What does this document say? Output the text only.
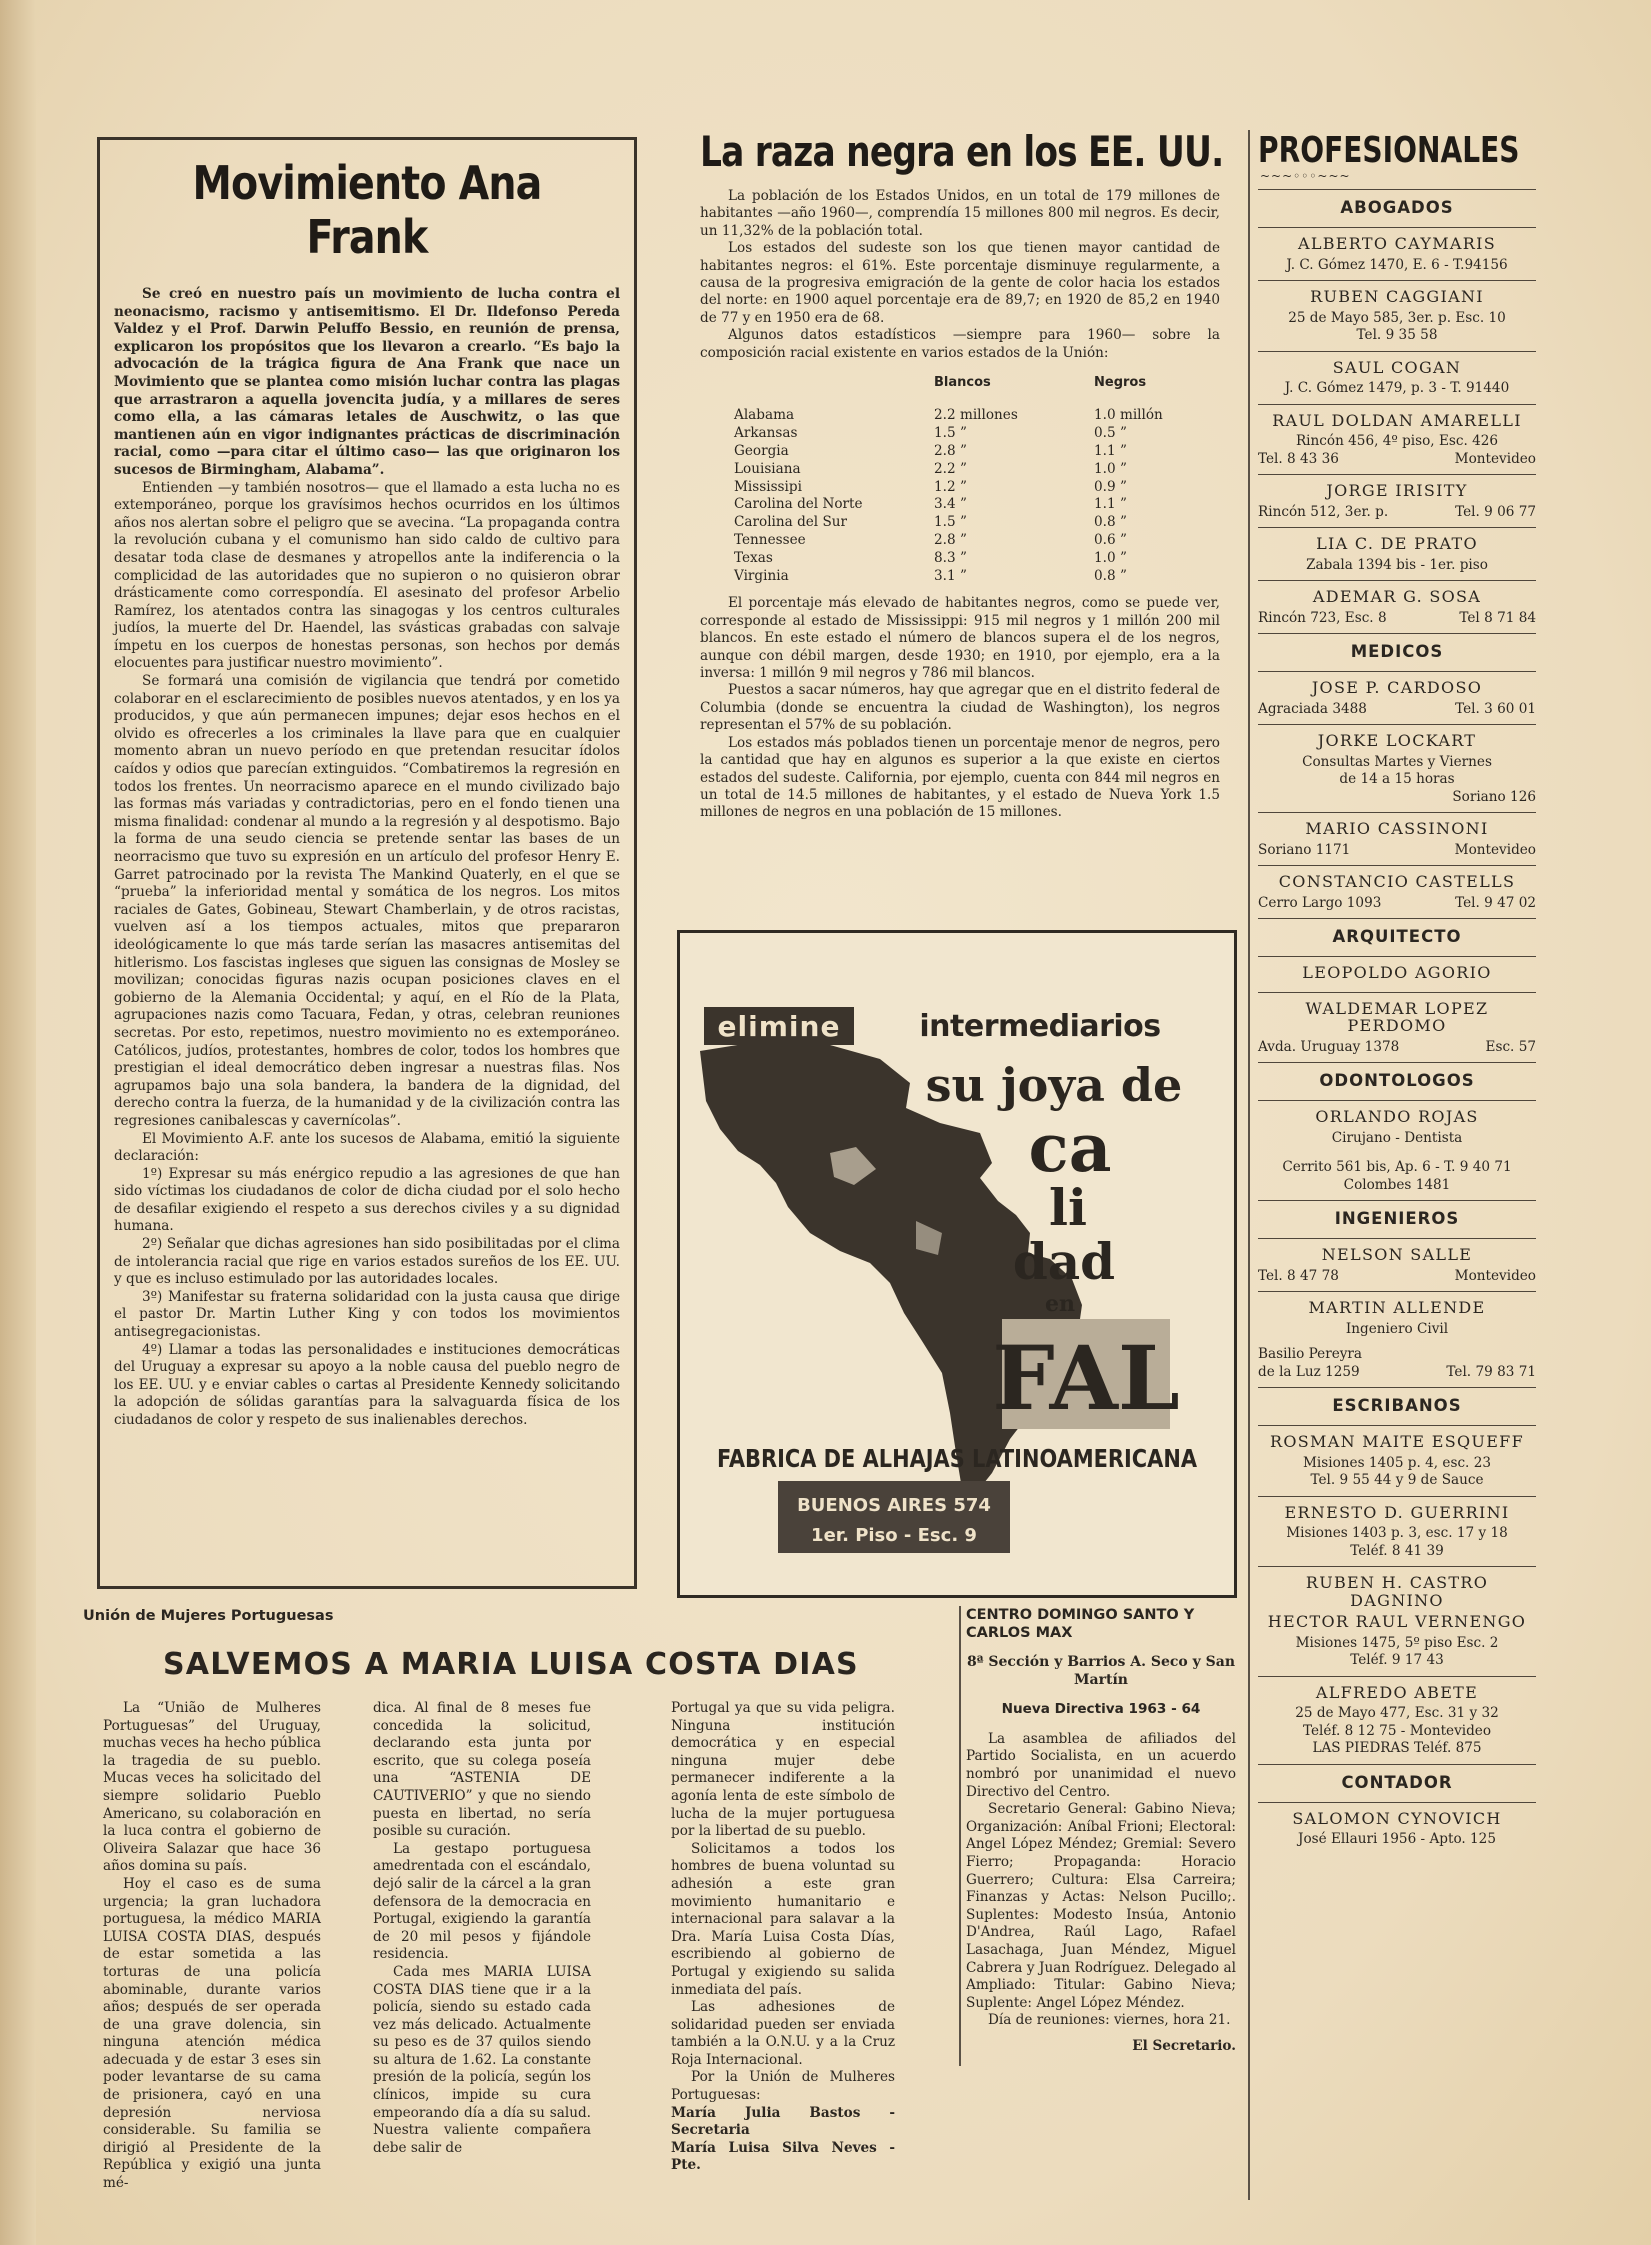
Movimiento Ana Frank

Se creó en nuestro país un movimiento de lucha contra el neonacismo, racismo y antisemitismo. El Dr. Ildefonso Pereda Valdez y el Prof. Darwin Peluffo Bessio, en reunión de prensa, explicaron los propósitos que los llevaron a crearlo. “Es bajo la advocación de la trágica figura de Ana Frank que nace un Movimiento que se plantea como misión luchar contra las plagas que arrastraron a aquella jovencita judía, y a millares de seres como ella, a las cámaras letales de Auschwitz, o las que mantienen aún en vigor indignantes prácticas de discriminación racial, como —para citar el último caso— las que originaron los sucesos de Birmingham, Alabama”.

Entienden —y también nosotros— que el llamado a esta lucha no es extemporáneo, porque los gravísimos hechos ocurridos en los últimos años nos alertan sobre el peligro que se avecina. “La propaganda contra la revolución cubana y el comunismo han sido caldo de cultivo para desatar toda clase de desmanes y atropellos ante la indiferencia o la complicidad de las autoridades que no supieron o no quisieron obrar drásticamente como correspondía. El asesinato del profesor Arbelio Ramírez, los atentados contra las sinagogas y los centros culturales judíos, la muerte del Dr. Haendel, las svásticas grabadas con salvaje ímpetu en los cuerpos de honestas personas, son hechos por demás elocuentes para justificar nuestro movimiento”.

Se formará una comisión de vigilancia que tendrá por cometido colaborar en el esclarecimiento de posibles nuevos atentados, y en los ya producidos, y que aún permanecen impunes; dejar esos hechos en el olvido es ofrecerles a los criminales la llave para que en cualquier momento abran un nuevo período en que pretendan resucitar ídolos caídos y odios que parecían extinguidos. “Combatiremos la regresión en todos los frentes. Un neorracismo aparece en el mundo civilizado bajo las formas más variadas y contradictorias, pero en el fondo tienen una misma finalidad: condenar al mundo a la regresión y al despotismo. Bajo la forma de una seudo ciencia se pretende sentar las bases de un neorracismo que tuvo su expresión en un artículo del profesor Henry E. Garret patrocinado por la revista The Mankind Quaterly, en el que se “prueba” la inferioridad mental y somática de los negros. Los mitos raciales de Gates, Gobineau, Stewart Chamberlain, y de otros racistas, vuelven así a los tiempos actuales, mitos que prepararon ideológicamente lo que más tarde serían las masacres antisemitas del hitlerismo. Los fascistas ingleses que siguen las consignas de Mosley se movilizan; conocidas figuras nazis ocupan posiciones claves en el gobierno de la Alemania Occidental; y aquí, en el Río de la Plata, agrupaciones nazis como Tacuara, Fedan, y otras, celebran reuniones secretas. Por esto, repetimos, nuestro movimiento no es extemporáneo. Católicos, judíos, protestantes, hombres de color, todos los hombres que prestigian el ideal democrático deben ingresar a nuestras filas. Nos agrupamos bajo una sola bandera, la bandera de la dignidad, del derecho contra la fuerza, de la humanidad y de la civilización contra las regresiones canibalescas y cavernícolas”.

El Movimiento A.F. ante los sucesos de Alabama, emitió la siguiente declaración:

1º) Expresar su más enérgico repudio a las agresiones de que han sido víctimas los ciudadanos de color de dicha ciudad por el solo hecho de desafilar exigiendo el respeto a sus derechos civiles y a su dignidad humana.

2º) Señalar que dichas agresiones han sido posibilitadas por el clima de intolerancia racial que rige en varios estados sureños de los EE. UU. y que es incluso estimulado por las autoridades locales.

3º) Manifestar su fraterna solidaridad con la justa causa que dirige el pastor Dr. Martin Luther King y con todos los movimientos antisegregacionistas.

4º) Llamar a todas las personalidades e instituciones democráticas del Uruguay a expresar su apoyo a la noble causa del pueblo negro de los EE. UU. y e enviar cables o cartas al Presidente Kennedy solicitando la adopción de sólidas garantías para la salvaguarda física de los ciudadanos de color y respeto de sus inalienables derechos.

La raza negra en los EE. UU.

La población de los Estados Unidos, en un total de 179 millones de habitantes —año 1960—, comprendía 15 millones 800 mil negros. Es decir, un 11,32% de la población total.

Los estados del sudeste son los que tienen mayor cantidad de habitantes negros: el 61%. Este porcentaje disminuye regularmente, a causa de la progresiva emigración de la gente de color hacia los estados del norte: en 1900 aquel porcentaje era de 89,7; en 1920 de 85,2 en 1940 de 77 y en 1950 era de 68.

Algunos datos estadísticos —siempre para 1960— sobre la composición racial existente en varios estados de la Unión:

	Blancos	Negros
Alabama	2.2 millones	1.0 millón
Arkansas	1.5 ”	0.5 ”
Georgia	2.8 ”	1.1 ”
Louisiana	2.2 ”	1.0 ”
Mississipi	1.2 ”	0.9 ”
Carolina del Norte	3.4 ”	1.1 ”
Carolina del Sur	1.5 ”	0.8 ”
Tennessee	2.8 ”	0.6 ”
Texas	8.3 ”	1.0 ”
Virginia	3.1 ”	0.8 ”

El porcentaje más elevado de habitantes negros, como se puede ver, corresponde al estado de Mississippi: 915 mil negros y 1 millón 200 mil blancos. En este estado el número de blancos supera el de los negros, aunque con débil margen, desde 1930; en 1910, por ejemplo, era a la inversa: 1 millón 9 mil negros y 786 mil blancos.

Puestos a sacar números, hay que agregar que en el distrito federal de Columbia (donde se encuentra la ciudad de Washington), los negros representan el 57% de su población.

Los estados más poblados tienen un porcentaje menor de negros, pero la cantidad que hay en algunos es superior a la que existe en ciertos estados del sudeste. California, por ejemplo, cuenta con 844 mil negros en un total de 14.5 millones de habitantes, y el estado de Nueva York 1.5 millones de negros en una población de 15 millones.

elimine	intermediarios
su joya de
ca
li
dad
en
FAL
FABRICA DE ALHAJAS LATINOAMERICANA
BUENOS AIRES 574
1er. Piso - Esc. 9
PROFESIONALES
~~~◦◦◦~~~
ABOGADOS
ALBERTO CAYMARIS
J. C. Gómez 1470, E. 6 - T.94156
RUBEN CAGGIANI
25 de Mayo 585, 3er. p. Esc. 10
Tel. 9 35 58
SAUL COGAN
J. C. Gómez 1479, p. 3 - T. 91440
RAUL DOLDAN AMARELLI
Rincón 456, 4º piso, Esc. 426
Tel. 8 43 36	Montevideo
JORGE IRISITY
Rincón 512, 3er. p.	Tel. 9 06 77
LIA C. DE PRATO
Zabala 1394 bis - 1er. piso
ADEMAR G. SOSA
Rincón 723, Esc. 8	Tel 8 71 84
MEDICOS
JOSE P. CARDOSO
Agraciada 3488	Tel. 3 60 01
JORKE LOCKART
Consultas Martes y Viernes
de 14 a 15 horas
Soriano 126
MARIO CASSINONI
Soriano 1171	Montevideo
CONSTANCIO CASTELLS
Cerro Largo 1093	Tel. 9 47 02
ARQUITECTO
LEOPOLDO AGORIO
WALDEMAR LOPEZ PERDOMO
Avda. Uruguay 1378	Esc. 57
ODONTOLOGOS
ORLANDO ROJAS
Cirujano - Dentista
Cerrito 561 bis, Ap. 6 - T. 9 40 71
Colombes 1481
INGENIEROS
NELSON SALLE
Tel. 8 47 78	Montevideo
MARTIN ALLENDE
Ingeniero Civil
Basilio Pereyra
de la Luz 1259	Tel. 79 83 71
ESCRIBANOS
ROSMAN MAITE ESQUEFF
Misiones 1405 p. 4, esc. 23
Tel. 9 55 44 y 9 de Sauce
ERNESTO D. GUERRINI
Misiones 1403 p. 3, esc. 17 y 18
Teléf. 8 41 39
RUBEN H. CASTRO DAGNINO
HECTOR RAUL VERNENGO
Misiones 1475, 5º piso Esc. 2
Teléf. 9 17 43
ALFREDO ABETE
25 de Mayo 477, Esc. 31 y 32
Teléf. 8 12 75 - Montevideo
LAS PIEDRAS Teléf. 875
CONTADOR
SALOMON CYNOVICH
José Ellauri 1956 - Apto. 125
Unión de Mujeres Portuguesas
SALVEMOS A MARIA LUISA COSTA DIAS

La “União de Mulheres Portuguesas” del Uruguay, muchas veces ha hecho pública la tragedia de su pueblo. Mucas veces ha solicitado del siempre solidario Pueblo Americano, su colaboración en la luca contra el gobierno de Oliveira Salazar que hace 36 años domina su país.

Hoy el caso es de suma urgencia; la gran luchadora portuguesa, la médico MARIA LUISA COSTA DIAS, después de estar sometida a las torturas de una policía abominable, durante varios años; después de ser operada de una grave dolencia, sin ninguna atención médica adecuada y de estar 3 eses sin poder levantarse de su cama de prisionera, cayó en una depresión nerviosa considerable. Su familia se dirigió al Presidente de la República y exigió una junta mé-

dica. Al final de 8 meses fue concedida la solicitud, declarando esta junta por escrito, que su colega poseía una “ASTENIA DE CAUTIVERIO” y que no siendo puesta en libertad, no sería posible su curación.

La gestapo portuguesa amedrentada con el escándalo, dejó salir de la cárcel a la gran defensora de la democracia en Portugal, exigiendo la garantía de 20 mil pesos y fijándole residencia.

Cada mes MARIA LUISA COSTA DIAS tiene que ir a la policía, siendo su estado cada vez más delicado. Actualmente su peso es de 37 quilos siendo su altura de 1.62. La constante presión de la policía, según los clínicos, impide su cura empeorando día a día su salud. Nuestra valiente compañera debe salir de

Portugal ya que su vida peligra. Ninguna institución democrática y en especial ninguna mujer debe permanecer indiferente a la agonía lenta de este símbolo de lucha de la mujer portuguesa por la libertad de su pueblo.

Solicitamos a todos los hombres de buena voluntad su adhesión a este gran movimiento humanitario e internacional para salavar a la Dra. María Luisa Costa Días, escribiendo al gobierno de Portugal y exigiendo su salida inmediata del país.

Las adhesiones de solidaridad pueden ser enviada también a la O.N.U. y a la Cruz Roja Internacional.

Por la Unión de Mulheres Portuguesas:

María Julia Bastos - Secretaria

María Luisa Silva Neves - Pte.

CENTRO DOMINGO SANTO Y CARLOS MAX
8ª Sección y Barrios A. Seco y San Martín
Nueva Directiva 1963 - 64

La asamblea de afiliados del Partido Socialista, en un acuerdo nombró por unanimidad el nuevo Directivo del Centro.

Secretario General: Gabino Nieva; Organización: Aníbal Frioni; Electoral: Angel López Méndez; Gremial: Severo Fierro; Propaganda: Horacio Guerrero; Cultura: Elsa Carreira; Finanzas y Actas: Nelson Pucillo;. Suplentes: Modesto Insúa, Antonio D'Andrea, Raúl Lago, Rafael Lasachaga, Juan Méndez, Miguel Cabrera y Juan Rodríguez. Delegado al Ampliado: Titular: Gabino Nieva; Suplente: Angel López Méndez.

Día de reuniones: viernes, hora 21.

El Secretario.
